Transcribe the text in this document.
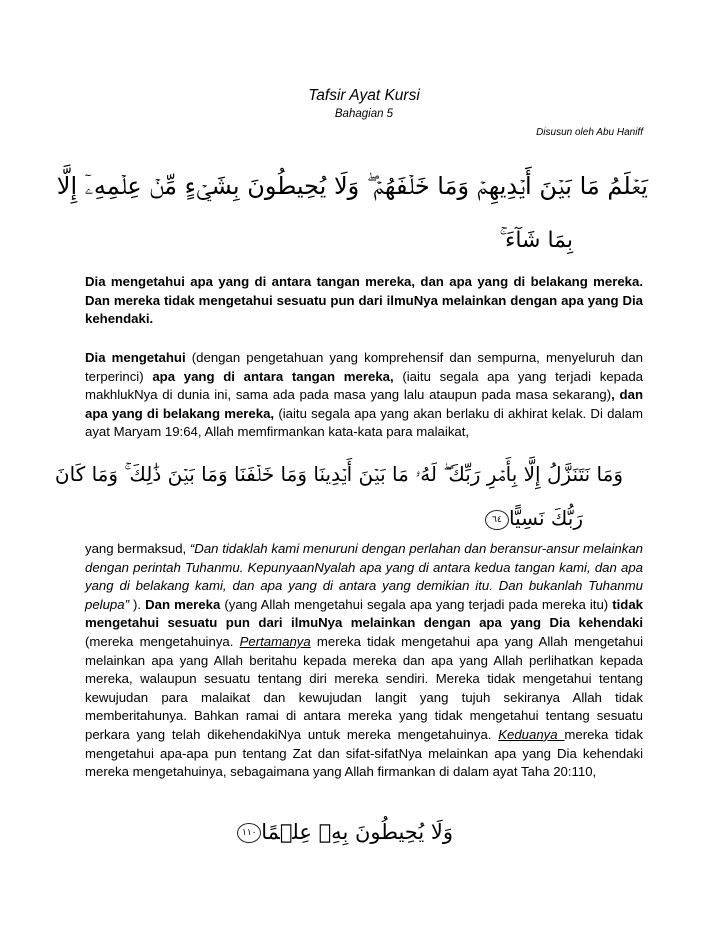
Tafsir Ayat Kursi
Bahagian 5
Disusun oleh Abu Haniff
يَعۡلَمُ مَا بَيۡنَ أَيۡدِيهِمۡ وَمَا خَلۡفَهُمۡ ۖ وَلَا يُحِيطُونَ بِشَيۡءٍ مِّنۡ عِلۡمِهِۦٓ إِلَّا
بِمَا شَآءَ ۚ
Dia mengetahui apa yang di antara tangan mereka, dan apa yang di belakang mereka. Dan mereka tidak mengetahui sesuatu pun dari ilmuNya melainkan dengan apa yang Dia kehendaki.
Dia mengetahui (dengan pengetahuan yang komprehensif dan sempurna, menyeluruh dan terperinci) apa yang di antara tangan mereka, (iaitu segala apa yang terjadi kepada makhlukNya di dunia ini, sama ada pada masa yang lalu ataupun pada masa sekarang), dan apa yang di belakang mereka, (iaitu segala apa yang akan berlaku di akhirat kelak. Di dalam ayat Maryam 19:64, Allah memfirmankan kata-kata para malaikat,
وَمَا نَتَنَزَّلُ إِلَّا بِأَمۡرِ رَبِّكَ ۖ لَهُۥ مَا بَيۡنَ أَيۡدِينَا وَمَا خَلۡفَنَا وَمَا بَيۡنَ ذَٰلِكَ ۚ وَمَا كَانَ
رَبُّكَ نَسِيًّا٦٤
yang bermaksud, “Dan tidaklah kami menuruni dengan perlahan dan beransur-ansur melainkan dengan perintah Tuhanmu. KepunyaanNyalah apa yang di antara kedua tangan kami, dan apa yang di belakang kami, dan apa yang di antara yang demikian itu. Dan bukanlah Tuhanmu pelupa” ). Dan mereka (yang Allah mengetahui segala apa yang terjadi pada mereka itu) tidak mengetahui sesuatu pun dari ilmuNya melainkan dengan apa yang Dia kehendaki (mereka mengetahuinya. Pertamanya mereka tidak mengetahui apa yang Allah mengetahui melainkan apa yang Allah beritahu kepada mereka dan apa yang Allah perlihatkan kepada mereka, walaupun sesuatu tentang diri mereka sendiri. Mereka tidak mengetahui tentang kewujudan para malaikat dan kewujudan langit yang tujuh sekiranya Allah tidak memberitahunya. Bahkan ramai di antara mereka yang tidak mengetahui tentang sesuatu perkara yang telah dikehendakiNya untuk mereka mengetahuinya. Keduanya mereka tidak mengetahui apa-apa pun tentang Zat dan sifat-sifatNya melainkan apa yang Dia kehendaki mereka mengetahuinya, sebagaimana yang Allah firmankan di dalam ayat Taha 20:110,
وَلَا يُحِيطُونَ بِهِۦ عِلۡمًا١١٠
